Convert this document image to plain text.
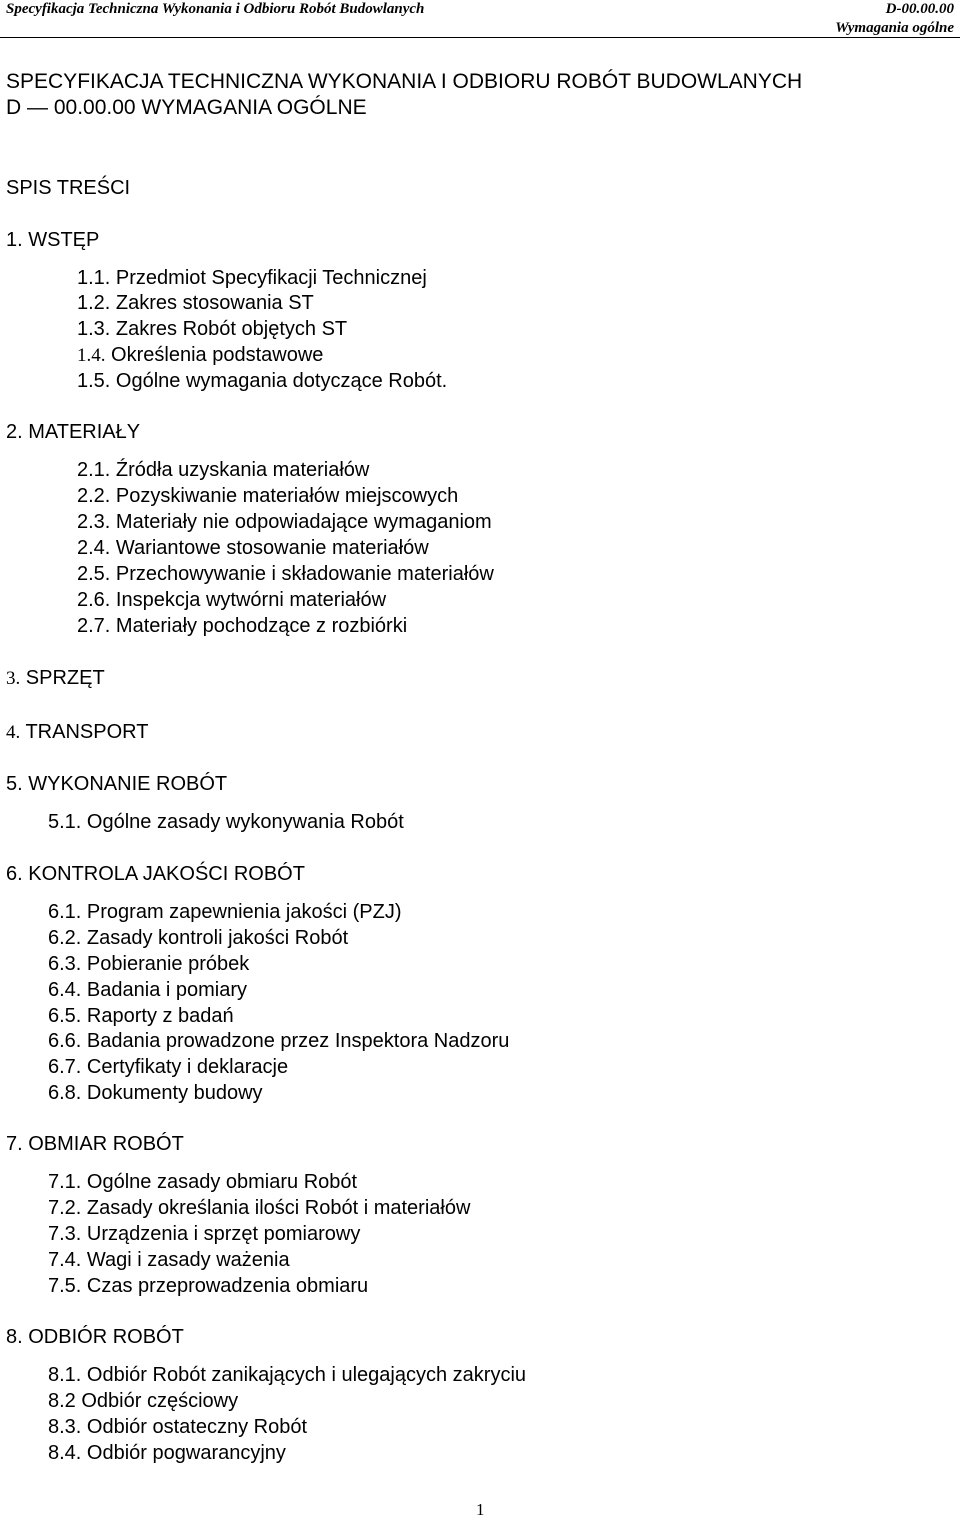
Specyfikacja Techniczna Wykonania i Odbioru Robót Budowlanych	D-00.00.00
Wymagania ogólne
SPECYFIKACJA TECHNICZNA WYKONANIA I ODBIORU ROBÓT BUDOWLANYCH
D — 00.00.00 WYMAGANIA OGÓLNE
SPIS TREŚCI
1. WSTĘP
1.1. Przedmiot Specyfikacji Technicznej
1.2. Zakres stosowania ST
1.3. Zakres Robót objętych ST
1.4. Określenia podstawowe
1.5. Ogólne wymagania dotyczące Robót.
2. MATERIAŁY
2.1. Źródła uzyskania materiałów
2.2. Pozyskiwanie materiałów miejscowych
2.3. Materiały nie odpowiadające wymaganiom
2.4. Wariantowe stosowanie materiałów
2.5. Przechowywanie i składowanie materiałów
2.6. Inspekcja wytwórni materiałów
2.7. Materiały pochodzące z rozbiórki
3. SPRZĘT
4. TRANSPORT
5. WYKONANIE ROBÓT
5.1. Ogólne zasady wykonywania Robót
6. KONTROLA JAKOŚCI ROBÓT
6.1. Program zapewnienia jakości (PZJ)
6.2. Zasady kontroli jakości Robót
6.3. Pobieranie próbek
6.4. Badania i pomiary
6.5. Raporty z badań
6.6. Badania prowadzone przez Inspektora Nadzoru
6.7. Certyfikaty i deklaracje
6.8. Dokumenty budowy
7. OBMIAR ROBÓT
7.1. Ogólne zasady obmiaru Robót
7.2. Zasady określania ilości Robót i materiałów
7.3. Urządzenia i sprzęt pomiarowy
7.4. Wagi i zasady ważenia
7.5. Czas przeprowadzenia obmiaru
8. ODBIÓR ROBÓT
8.1. Odbiór Robót zanikających i ulegających zakryciu
8.2 Odbiór częściowy
8.3. Odbiór ostateczny Robót
8.4. Odbiór pogwarancyjny
1
